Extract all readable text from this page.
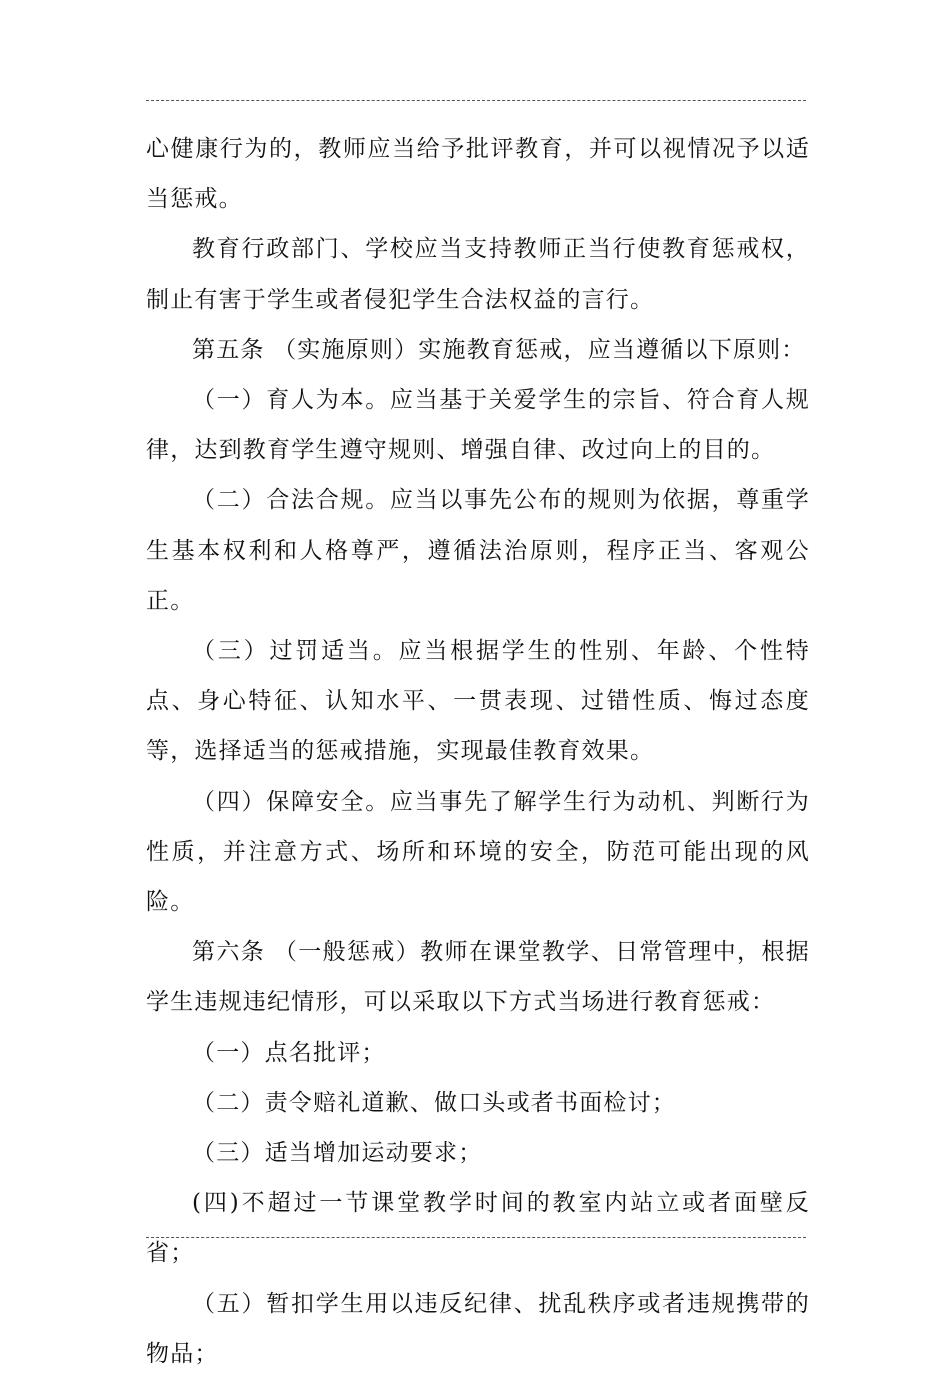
心健康行为的，教师应当给予批评教育，并可以视情况予以适当惩戒。

教育行政部门、学校应当支持教师正当行使教育惩戒权，制止有害于学生或者侵犯学生合法权益的言行。

第五条 （实施原则）实施教育惩戒，应当遵循以下原则：

（一）育人为本。应当基于关爱学生的宗旨、符合育人规律，达到教育学生遵守规则、增强自律、改过向上的目的。

（二）合法合规。应当以事先公布的规则为依据，尊重学生基本权利和人格尊严，遵循法治原则，程序正当、客观公正。

（三）过罚适当。应当根据学生的性别、年龄、个性特点、身心特征、认知水平、一贯表现、过错性质、悔过态度等，选择适当的惩戒措施，实现最佳教育效果。

（四）保障安全。应当事先了解学生行为动机、判断行为性质，并注意方式、场所和环境的安全，防范可能出现的风险。

第六条 （一般惩戒）教师在课堂教学、日常管理中，根据学生违规违纪情形，可以采取以下方式当场进行教育惩戒：

（一）点名批评；

（二）责令赔礼道歉、做口头或者书面检讨；

（三）适当增加运动要求；

(四)不超过一节课堂教学时间的教室内站立或者面壁反省；

（五）暂扣学生用以违反纪律、扰乱秩序或者违规携带的物品；
